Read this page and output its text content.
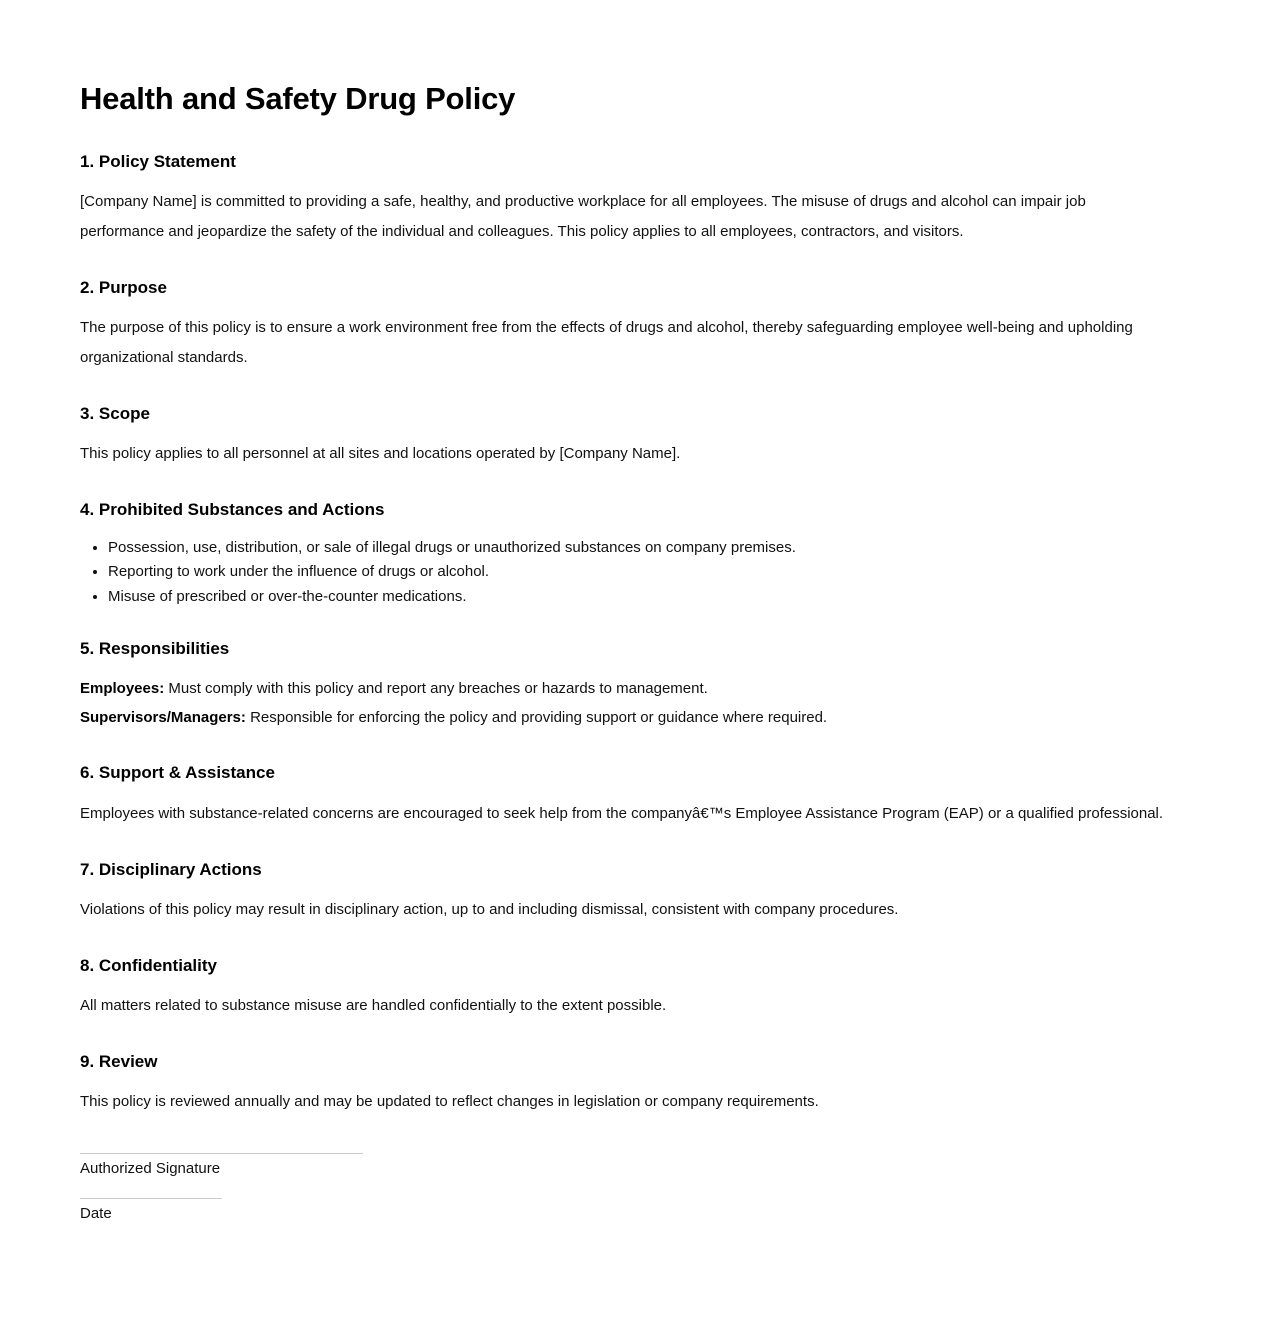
Health and Safety Drug Policy
1. Policy Statement

[Company Name] is committed to providing a safe, healthy, and productive workplace for all employees. The misuse of drugs and alcohol can impair job performance and jeopardize the safety of the individual and colleagues. This policy applies to all employees, contractors, and visitors.

2. Purpose

The purpose of this policy is to ensure a work environment free from the effects of drugs and alcohol, thereby safeguarding employee well-being and upholding organizational standards.

3. Scope

This policy applies to all personnel at all sites and locations operated by [Company Name].

4. Prohibited Substances and Actions
• Possession, use, distribution, or sale of illegal drugs or unauthorized substances on company premises.
• Reporting to work under the influence of drugs or alcohol.
• Misuse of prescribed or over-the-counter medications.
5. Responsibilities

Employees: Must comply with this policy and report any breaches or hazards to management.

Supervisors/Managers: Responsible for enforcing the policy and providing support or guidance where required.

6. Support & Assistance

Employees with substance-related concerns are encouraged to seek help from the companyâ€™s Employee Assistance Program (EAP) or a qualified professional.

7. Disciplinary Actions

Violations of this policy may result in disciplinary action, up to and including dismissal, consistent with company procedures.

8. Confidentiality

All matters related to substance misuse are handled confidentially to the extent possible.

9. Review

This policy is reviewed annually and may be updated to reflect changes in legislation or company requirements.

Authorized Signature

Date
